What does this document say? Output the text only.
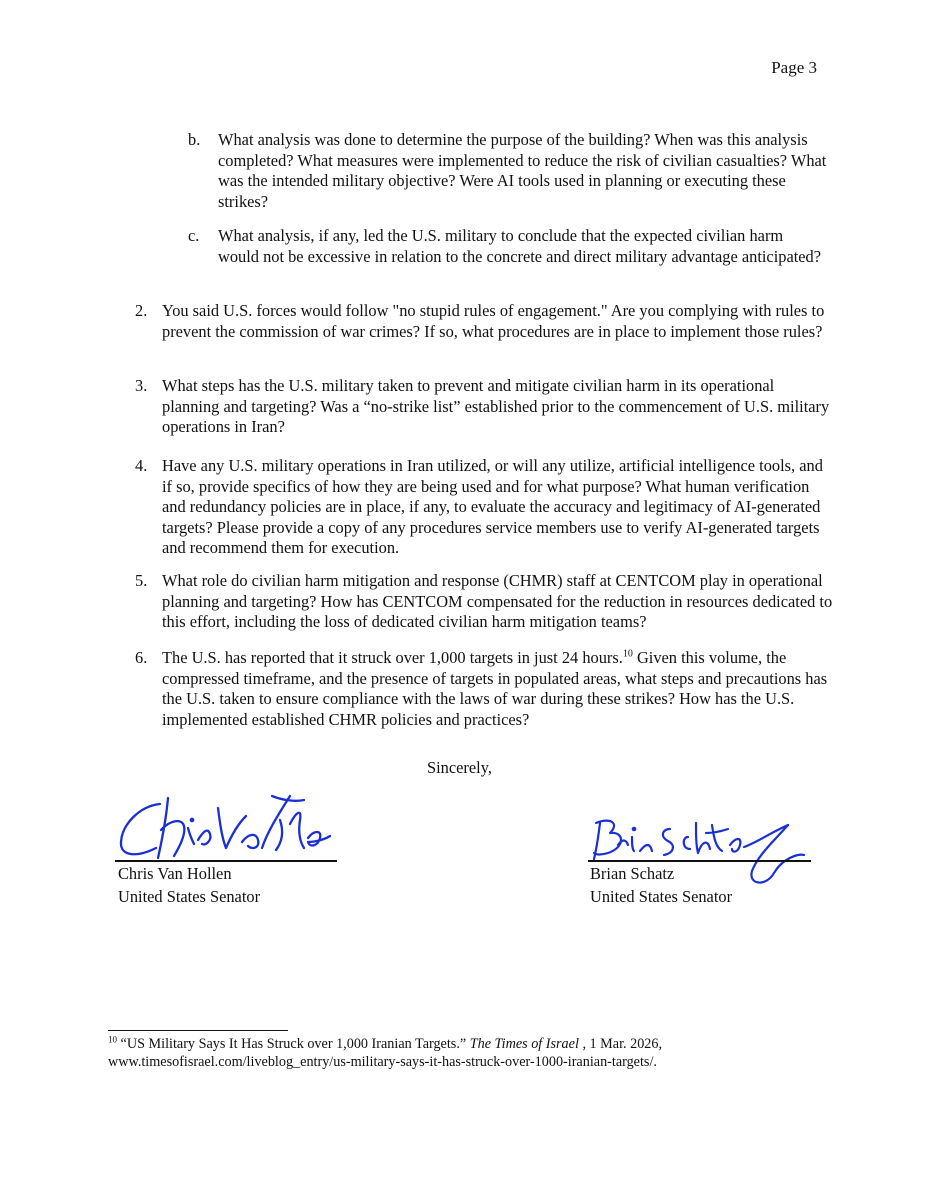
Page 3
b. What analysis was done to determine the purpose of the building? When was this analysis completed? What measures were implemented to reduce the risk of civilian casualties? What was the intended military objective? Were AI tools used in planning or executing these strikes?
c. What analysis, if any, led the U.S. military to conclude that the expected civilian harm would not be excessive in relation to the concrete and direct military advantage anticipated?
2. You said U.S. forces would follow "no stupid rules of engagement." Are you complying with rules to prevent the commission of war crimes? If so, what procedures are in place to implement those rules?
3. What steps has the U.S. military taken to prevent and mitigate civilian harm in its operational planning and targeting? Was a “no-strike list” established prior to the commencement of U.S. military operations in Iran?
4. Have any U.S. military operations in Iran utilized, or will any utilize, artificial intelligence tools, and if so, provide specifics of how they are being used and for what purpose? What human verification and redundancy policies are in place, if any, to evaluate the accuracy and legitimacy of AI-generated targets? Please provide a copy of any procedures service members use to verify AI-generated targets and recommend them for execution.
5. What role do civilian harm mitigation and response (CHMR) staff at CENTCOM play in operational planning and targeting? How has CENTCOM compensated for the reduction in resources dedicated to this effort, including the loss of dedicated civilian harm mitigation teams?
6. The U.S. has reported that it struck over 1,000 targets in just 24 hours.$^{10}$ Given this volume, the compressed timeframe, and the presence of targets in populated areas, what steps and precautions has the U.S. taken to ensure compliance with the laws of war during these strikes? How has the U.S. implemented established CHMR policies and practices?
Sincerely,
Chris Van Hollen
United States Senator
Brian Schatz
United States Senator
$^{10}$ “US Military Says It Has Struck over 1,000 Iranian Targets.” The Times of Israel , 1 Mar. 2026, www.timesofisrael.com/liveblog_entry/us-military-says-it-has-struck-over-1000-iranian-targets/.
